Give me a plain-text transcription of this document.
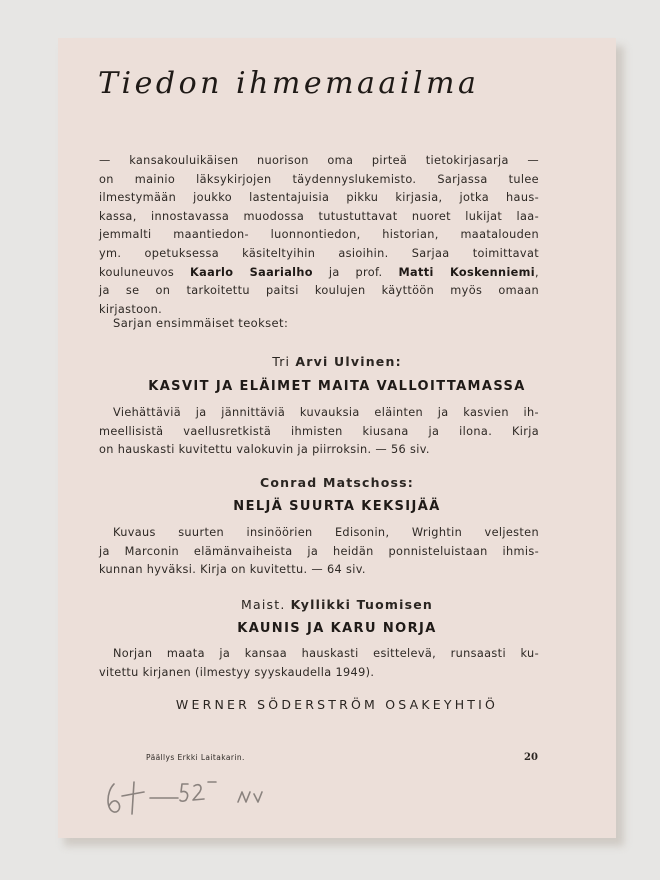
Tiedon ihmemaailma
— kansakouluikäisen nuorison oma pirteä tietokirjasarja —
on mainio läksykirjojen täydennyslukemisto. Sarjassa tulee
ilmestymään joukko lastentajuisia pikku kirjasia, jotka haus-
kassa, innostavassa muodossa tutustuttavat nuoret lukijat laa-
jemmalti maantiedon- luonnontiedon, historian, maatalouden
ym. opetuksessa käsiteltyihin asioihin. Sarjaa toimittavat
kouluneuvos Kaarlo Saarialho ja prof. Matti Koskenniemi,
ja se on tarkoitettu paitsi koulujen käyttöön myös omaan
kirjastoon.
Sarjan ensimmäiset teokset:
Tri Arvi Ulvinen:
KASVIT JA ELÄIMET MAITA VALLOITTAMASSA
Viehättäviä ja jännittäviä kuvauksia eläinten ja kasvien ih-
meellisistä vaellusretkistä ihmisten kiusana ja ilona. Kirja
on hauskasti kuvitettu valokuvin ja piirroksin. — 56 siv.
Conrad Matschoss:
NELJÄ SUURTA KEKSIJÄÄ
Kuvaus suurten insinöörien Edisonin, Wrightin veljesten
ja Marconin elämänvaiheista ja heidän ponnisteluistaan ihmis-
kunnan hyväksi. Kirja on kuvitettu. — 64 siv.
Maist. Kyllikki Tuomisen
KAUNIS JA KARU NORJA
Norjan maata ja kansaa hauskasti esittelevä, runsaasti ku-
vitettu kirjanen (ilmestyy syyskaudella 1949).
WERNER SÖDERSTRÖM OSAKEYHTIÖ
Päällys Erkki Laitakarin.	20
